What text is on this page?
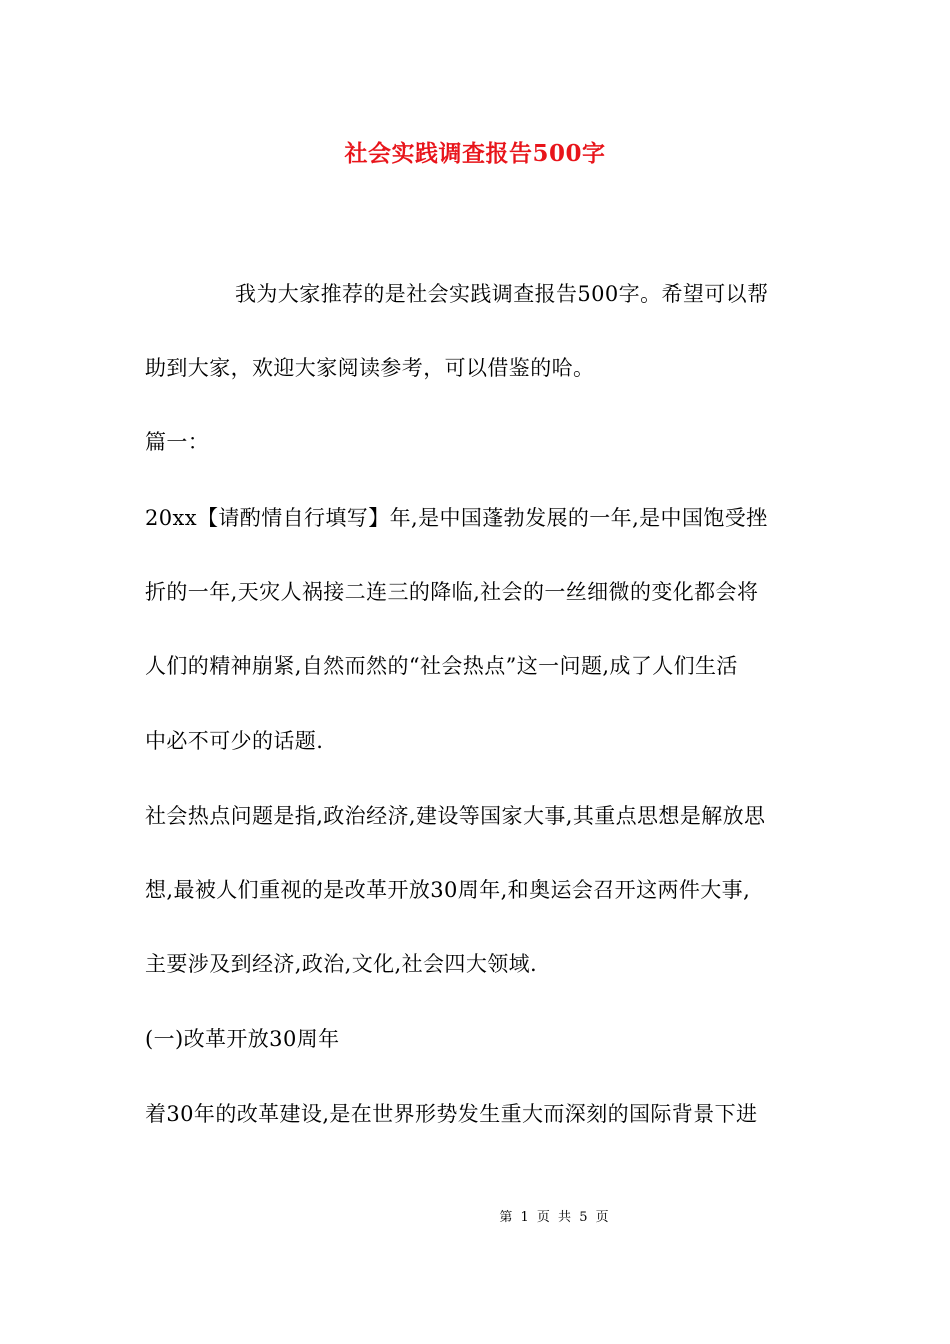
社会实践调查报告500字
我为大家推荐的是社会实践调查报告500字。希望可以帮
助到大家，欢迎大家阅读参考，可以借鉴的哈。
篇一：
20xx【请酌情自行填写】年,是中国蓬勃发展的一年,是中国饱受挫
折的一年,天灾人祸接二连三的降临,社会的一丝细微的变化都会将
人们的精神崩紧,自然而然的“社会热点”这一问题,成了人们生活
中必不可少的话题.
社会热点问题是指,政治经济,建设等国家大事,其重点思想是解放思
想,最被人们重视的是改革开放30周年,和奥运会召开这两件大事,
主要涉及到经济,政治,文化,社会四大领域.
(一)改革开放30周年
着30年的改革建设,是在世界形势发生重大而深刻的国际背景下进
第 1 页 共 5 页
